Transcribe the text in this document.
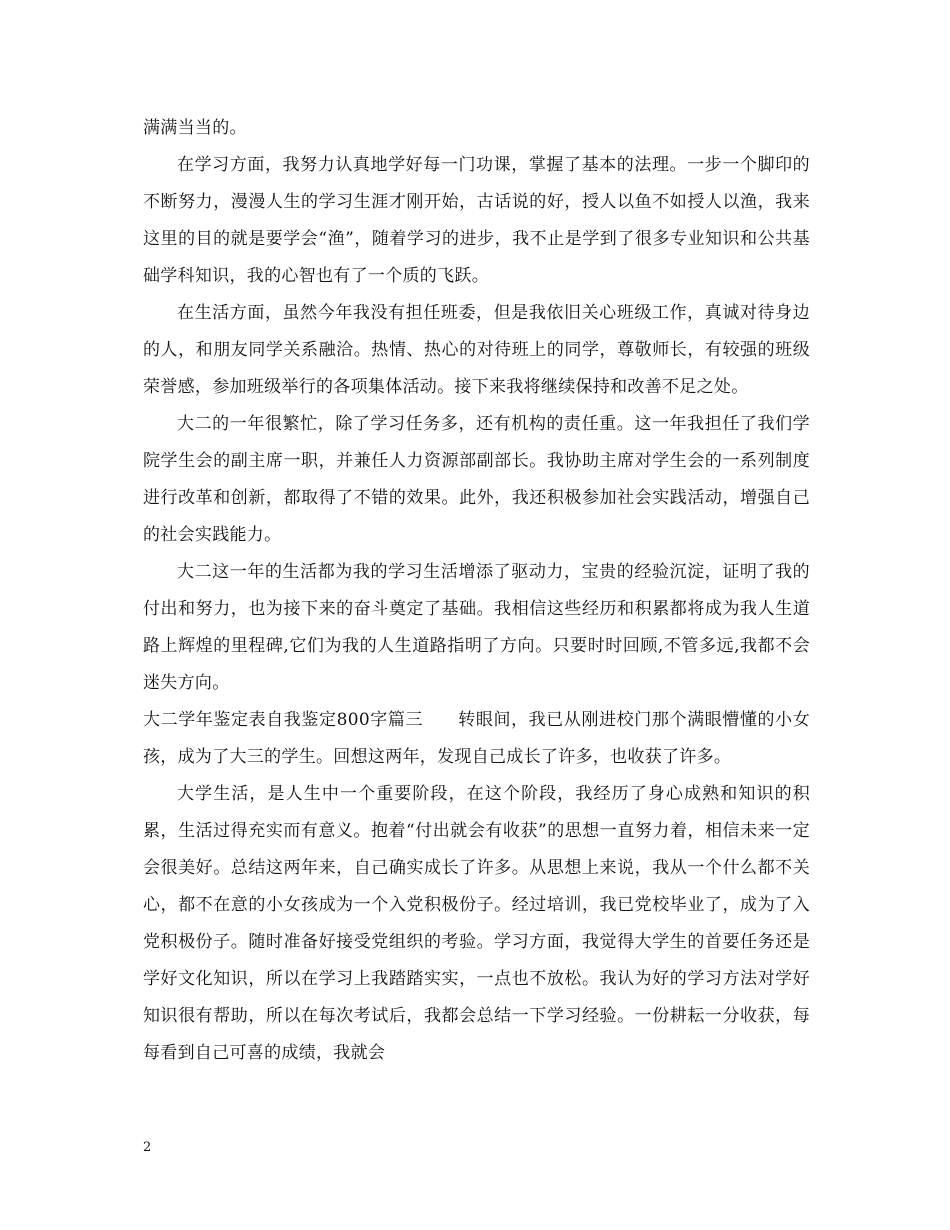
满满当当的。

在学习方面，我努力认真地学好每一门功课，掌握了基本的法理。一步一个脚印的不断努力，漫漫人生的学习生涯才刚开始，古话说的好，授人以鱼不如授人以渔，我来这里的目的就是要学会“渔”，随着学习的进步，我不止是学到了很多专业知识和公共基础学科知识，我的心智也有了一个质的飞跃。

在生活方面，虽然今年我没有担任班委，但是我依旧关心班级工作，真诚对待身边的人，和朋友同学关系融洽。热情、热心的对待班上的同学，尊敬师长，有较强的班级荣誉感，参加班级举行的各项集体活动。接下来我将继续保持和改善不足之处。

大二的一年很繁忙，除了学习任务多，还有机构的责任重。这一年我担任了我们学院学生会的副主席一职，并兼任人力资源部副部长。我协助主席对学生会的一系列制度进行改革和创新，都取得了不错的效果。此外，我还积极参加社会实践活动，增强自己的社会实践能力。

大二这一年的生活都为我的学习生活增添了驱动力，宝贵的经验沉淀，证明了我的付出和努力，也为接下来的奋斗奠定了基础。我相信这些经历和积累都将成为我人生道路上辉煌的里程碑,它们为我的人生道路指明了方向。只要时时回顾,不管多远,我都不会迷失方向。

大二学年鉴定表自我鉴定800字篇三　　转眼间，我已从刚进校门那个满眼懵懂的小女孩，成为了大三的学生。回想这两年，发现自己成长了许多，也收获了许多。

大学生活，是人生中一个重要阶段，在这个阶段，我经历了身心成熟和知识的积累，生活过得充实而有意义。抱着“付出就会有收获”的思想一直努力着，相信未来一定会很美好。总结这两年来，自己确实成长了许多。从思想上来说，我从一个什么都不关心，都不在意的小女孩成为一个入党积极份子。经过培训，我已党校毕业了，成为了入党积极份子。随时准备好接受党组织的考验。学习方面，我觉得大学生的首要任务还是学好文化知识，所以在学习上我踏踏实实，一点也不放松。我认为好的学习方法对学好知识很有帮助，所以在每次考试后，我都会总结一下学习经验。一份耕耘一分收获，每每看到自己可喜的成绩，我就会

2
